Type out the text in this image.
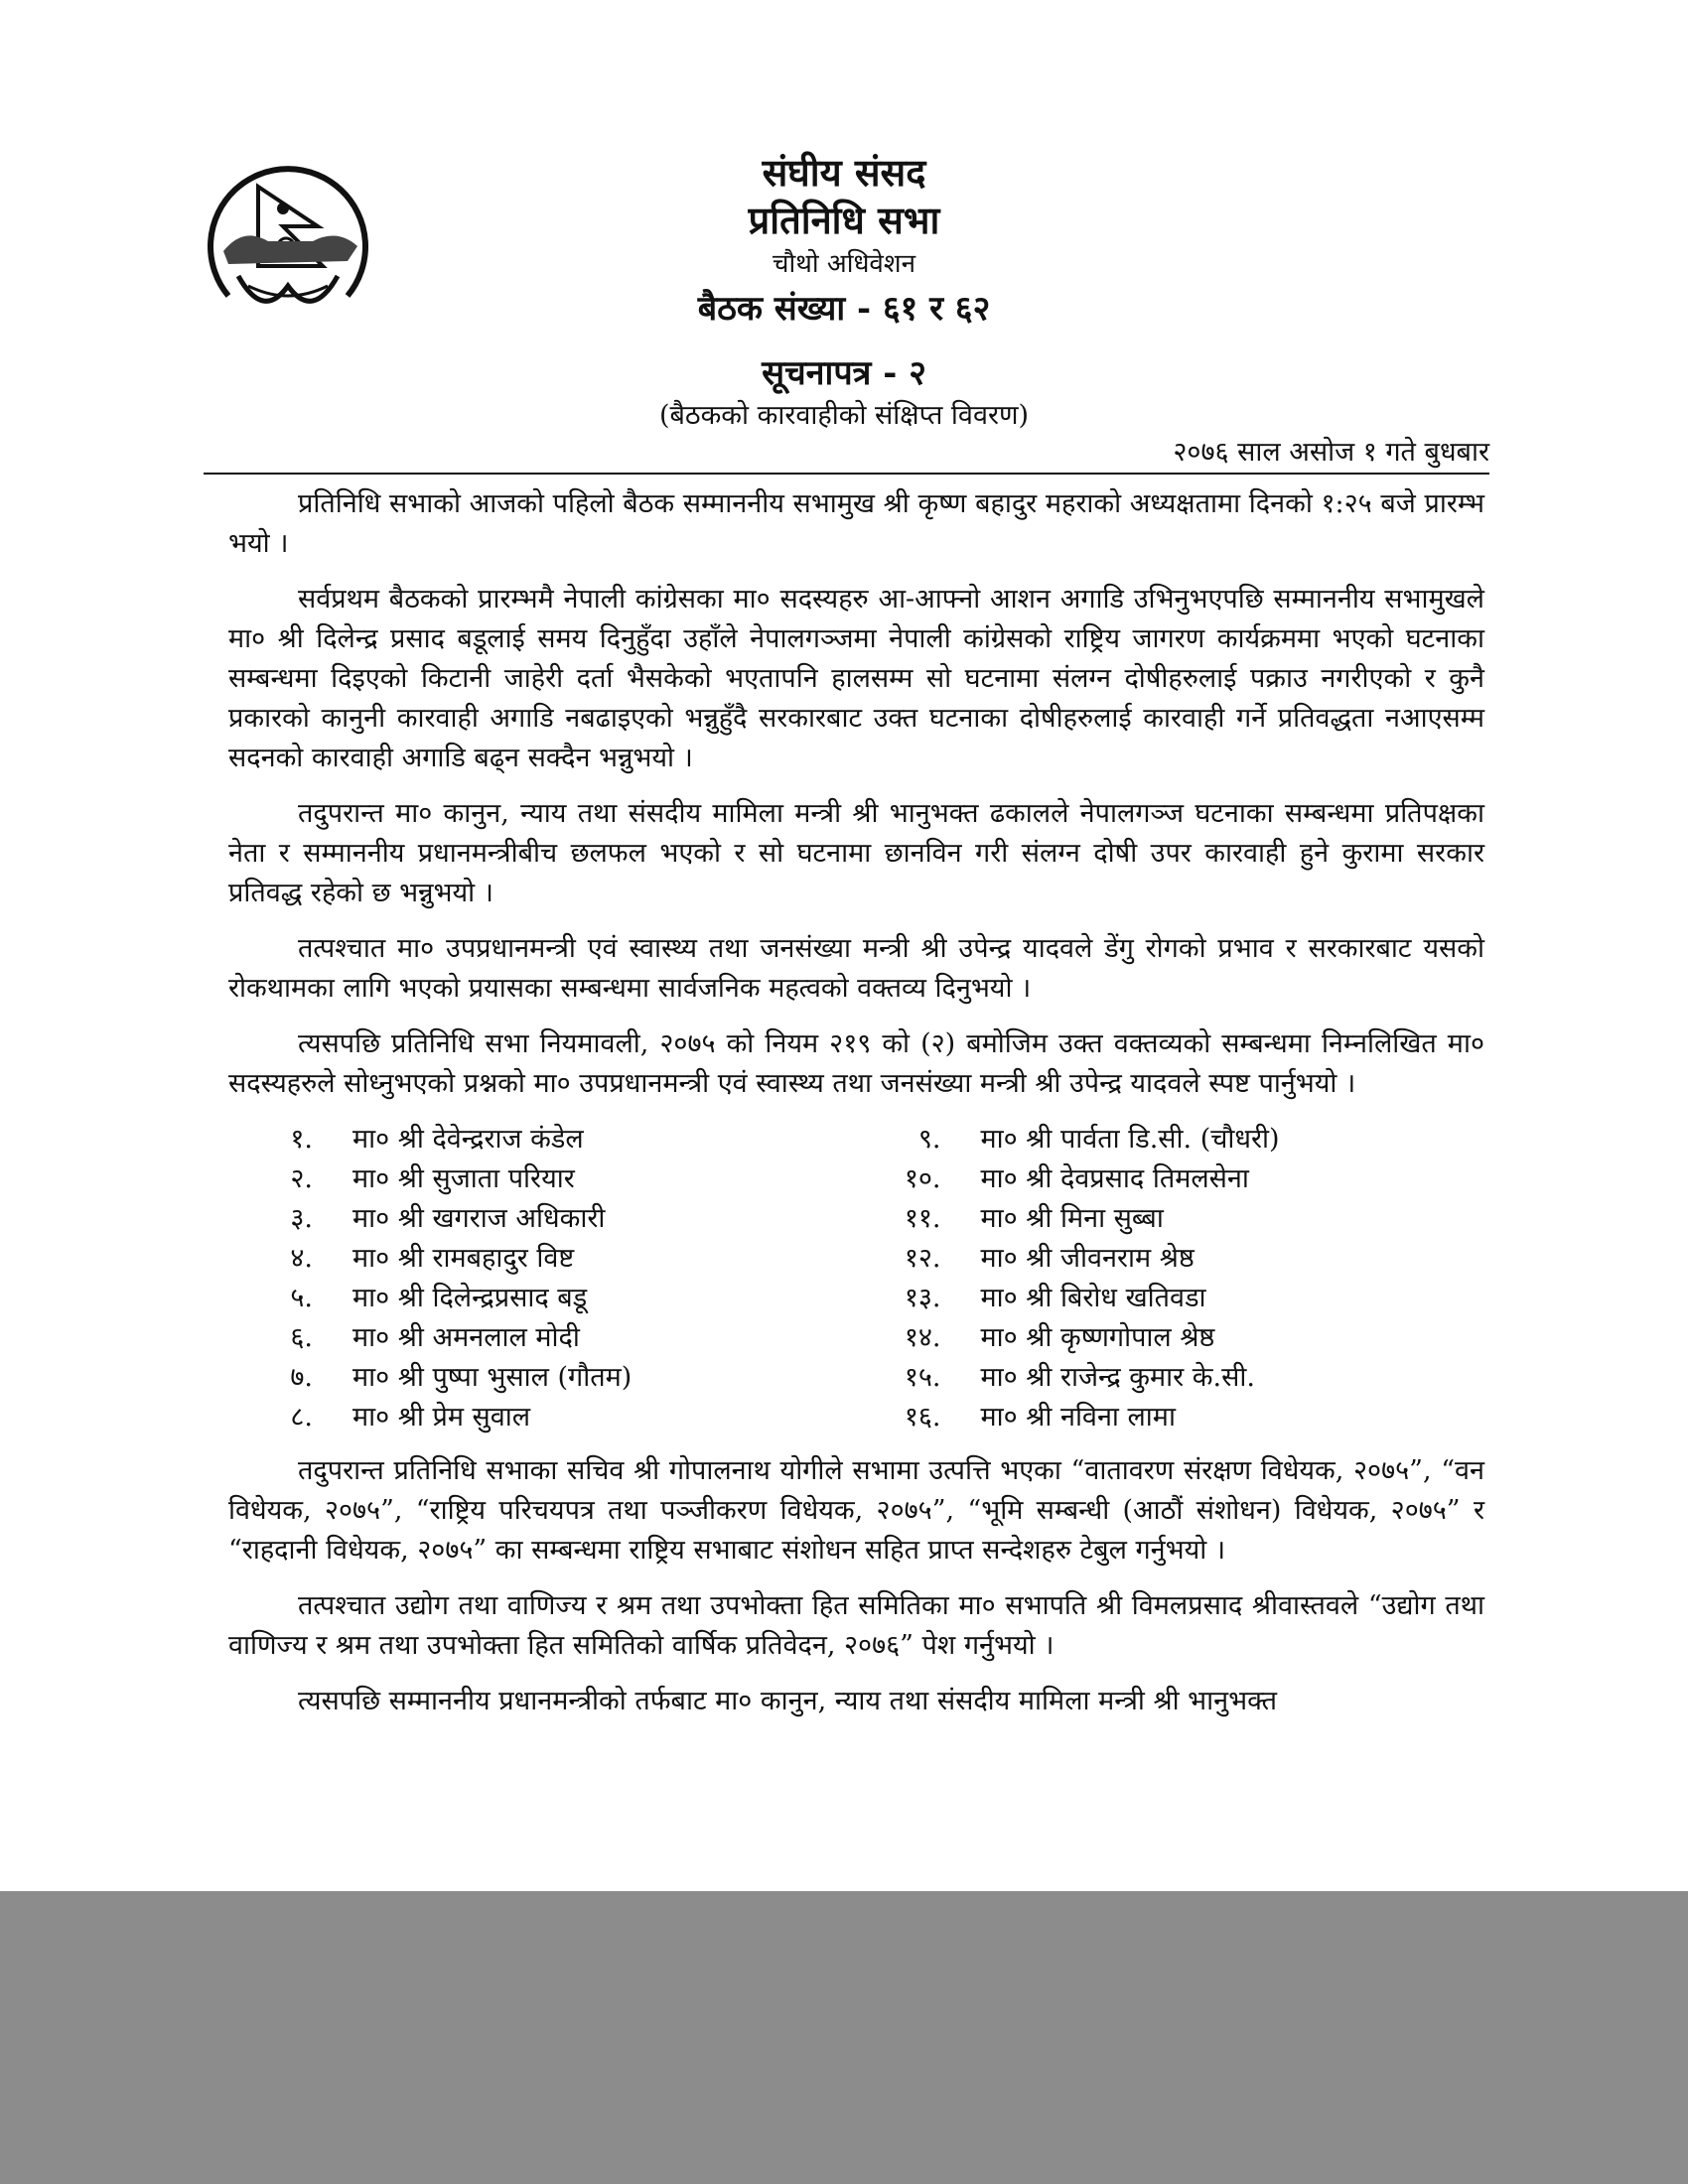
संघीय संसद
प्रतिनिधि सभा
चौथो अधिवेशन
बैठक संख्या - ६१ र ६२
सूचनापत्र - २
(बैठकको कारवाहीको संक्षिप्त विवरण)
२०७६ साल असोज १ गते बुधबार

प्रतिनिधि सभाको आजको पहिलो बैठक सम्माननीय सभामुख श्री कृष्ण बहादुर महराको अध्यक्षतामा दिनको १:२५ बजे प्रारम्भ भयो ।

सर्वप्रथम बैठकको प्रारम्भमै नेपाली कांग्रेसका मा० सदस्यहरु आ-आफ्नो आशन अगाडि उभिनुभएपछि सम्माननीय सभामुखले मा० श्री दिलेन्द्र प्रसाद बडूलाई समय दिनुहुँदा उहाँले नेपालगञ्जमा नेपाली कांग्रेसको राष्ट्रिय जागरण कार्यक्रममा भएको घटनाका सम्बन्धमा दिइएको किटानी जाहेरी दर्ता भैसकेको भएतापनि हालसम्म सो घटनामा संलग्न दोषीहरुलाई पक्राउ नगरीएको र कुनै प्रकारको कानुनी कारवाही अगाडि नबढाइएको भन्नुहुँदै सरकारबाट उक्त घटनाका दोषीहरुलाई कारवाही गर्ने प्रतिवद्धता नआएसम्म सदनको कारवाही अगाडि बढ्न सक्दैन भन्नुभयो ।

तदुपरान्त मा० कानुन, न्याय तथा संसदीय मामिला मन्त्री श्री भानुभक्त ढकालले नेपालगञ्ज घटनाका सम्बन्धमा प्रतिपक्षका नेता र सम्माननीय प्रधानमन्त्रीबीच छलफल भएको र सो घटनामा छानविन गरी संलग्न दोषी उपर कारवाही हुने कुरामा सरकार प्रतिवद्ध रहेको छ भन्नुभयो ।

तत्पश्चात मा० उपप्रधानमन्त्री एवं स्वास्थ्य तथा जनसंख्या मन्त्री श्री उपेन्द्र यादवले डेंगु रोगको प्रभाव र सरकारबाट यसको रोकथामका लागि भएको प्रयासका सम्बन्धमा सार्वजनिक महत्वको वक्तव्य दिनुभयो ।

त्यसपछि प्रतिनिधि सभा नियमावली, २०७५ को नियम २१९ को (२) बमोजिम उक्त वक्तव्यको सम्बन्धमा निम्नलिखित मा० सदस्यहरुले सोध्नुभएको प्रश्नको मा० उपप्रधानमन्त्री एवं स्वास्थ्य तथा जनसंख्या मन्त्री श्री उपेन्द्र यादवले स्पष्ट पार्नुभयो ।

१.	मा० श्री देवेन्द्रराज कंडेल
२.	मा० श्री सुजाता परियार
३.	मा० श्री खगराज अधिकारी
४.	मा० श्री रामबहादुर विष्ट
५.	मा० श्री दिलेन्द्रप्रसाद बडू
६.	मा० श्री अमनलाल मोदी
७.	मा० श्री पुष्पा भुसाल (गौतम)
८.	मा० श्री प्रेम सुवाल
९.	मा० श्री पार्वता डि.सी. (चौधरी)
१०.	मा० श्री देवप्रसाद तिमलसेना
११.	मा० श्री मिना सुब्बा
१२.	मा० श्री जीवनराम श्रेष्ठ
१३.	मा० श्री बिरोध खतिवडा
१४.	मा० श्री कृष्णगोपाल श्रेष्ठ
१५.	मा० श्री राजेन्द्र कुमार के.सी.
१६.	मा० श्री नविना लामा

तदुपरान्त प्रतिनिधि सभाका सचिव श्री गोपालनाथ योगीले सभामा उत्पत्ति भएका “वातावरण संरक्षण विधेयक, २०७५”, “वन विधेयक, २०७५”, “राष्ट्रिय परिचयपत्र तथा पञ्जीकरण विधेयक, २०७५”, “भूमि सम्बन्धी (आठौं संशोधन) विधेयक, २०७५” र “राहदानी विधेयक, २०७५” का सम्बन्धमा राष्ट्रिय सभाबाट संशोधन सहित प्राप्त सन्देशहरु टेबुल गर्नुभयो ।

तत्पश्चात उद्योग तथा वाणिज्य र श्रम तथा उपभोक्ता हित समितिका मा० सभापति श्री विमलप्रसाद श्रीवास्तवले “उद्योग तथा वाणिज्य र श्रम तथा उपभोक्ता हित समितिको वार्षिक प्रतिवेदन, २०७६” पेश गर्नुभयो ।

त्यसपछि सम्माननीय प्रधानमन्त्रीको तर्फबाट मा० कानुन, न्याय तथा संसदीय मामिला मन्त्री श्री भानुभक्त
